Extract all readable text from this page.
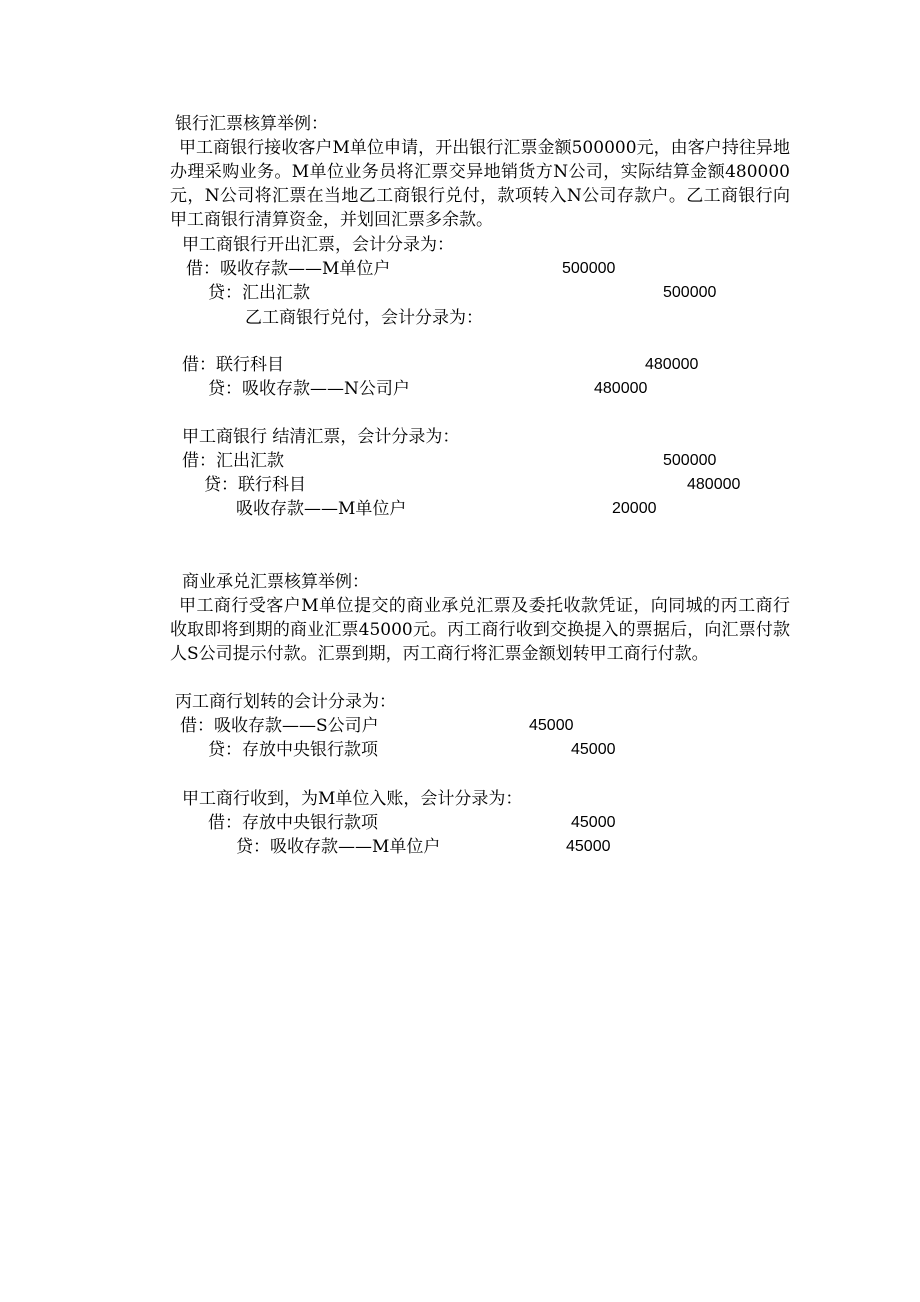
银行汇票核算举例：
甲工商银行接收客户M单位申请，开出银行汇票金额500000元，由客户持往异地办理采购业务。M单位业务员将汇票交异地销货方N公司，实际结算金额480000元，N公司将汇票在当地乙工商银行兑付，款项转入N公司存款户。乙工商银行向甲工商银行清算资金，并划回汇票多余款。
甲工商银行开出汇票，会计分录为：
借：吸收存款——M单位户	500000
贷：汇出汇款	500000
乙工商银行兑付，会计分录为：
借：联行科目	480000
贷：吸收存款——N公司户	480000
甲工商银行 结清汇票，会计分录为：
借：汇出汇款	500000
贷：联行科目	480000
吸收存款——M单位户	20000
商业承兑汇票核算举例：
甲工商行受客户M单位提交的商业承兑汇票及委托收款凭证，向同城的丙工商行收取即将到期的商业汇票45000元。丙工商行收到交换提入的票据后，向汇票付款人S公司提示付款。汇票到期，丙工商行将汇票金额划转甲工商行付款。
丙工商行划转的会计分录为：
借：吸收存款——S公司户	45000
贷：存放中央银行款项	45000
甲工商行收到，为M单位入账，会计分录为：
借：存放中央银行款项	45000
贷：吸收存款——M单位户	45000
